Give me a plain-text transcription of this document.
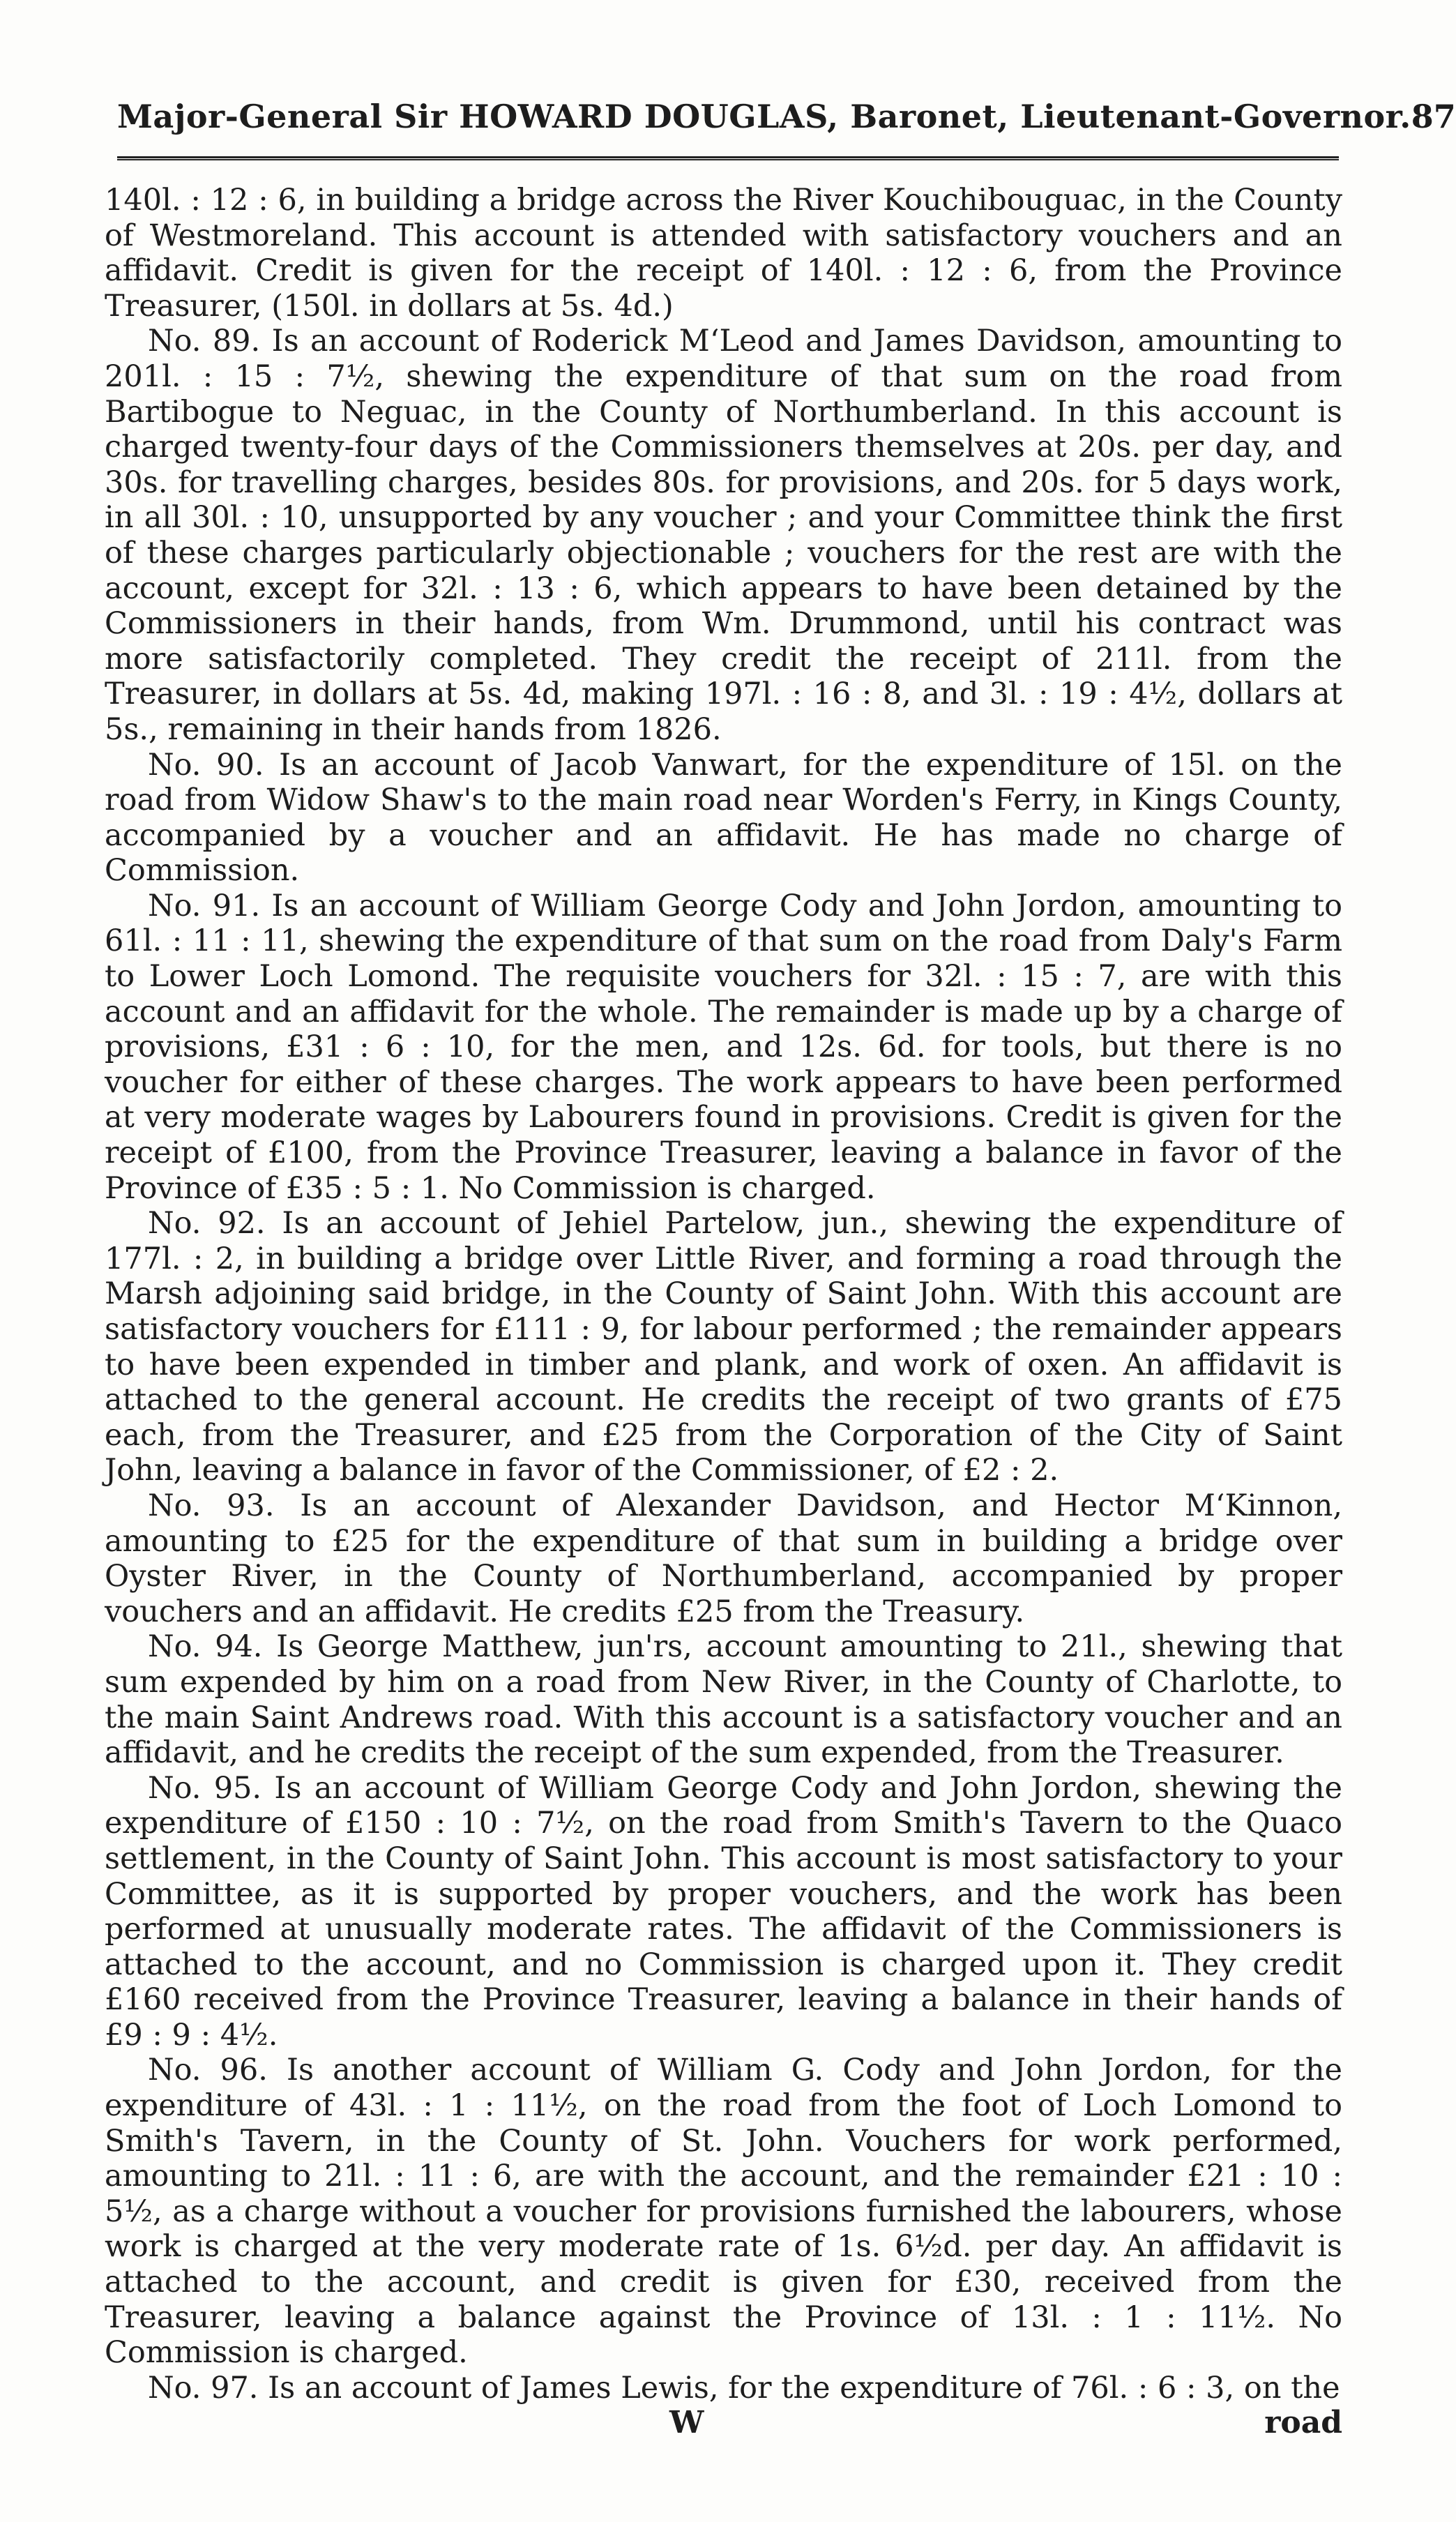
Major-General Sir HOWARD DOUGLAS, Baronet, Lieutenant-Governor. 87

140l. : 12 : 6, in building a bridge across the River Kouchibouguac, in the County of Westmoreland. This account is attended with satisfactory vouchers and an affidavit. Credit is given for the receipt of 140l. : 12 : 6, from the Province Treasurer, (150l. in dollars at 5s. 4d.)

No. 89. Is an account of Roderick M‘Leod and James Davidson, amounting to 201l. : 15 : 7½, shewing the expenditure of that sum on the road from Bartibogue to Neguac, in the County of Northumberland. In this account is charged twenty-four days of the Commissioners themselves at 20s. per day, and 30s. for travelling charges, besides 80s. for provisions, and 20s. for 5 days work, in all 30l. : 10, unsupported by any voucher ; and your Committee think the first of these charges particularly objectionable ; vouchers for the rest are with the account, except for 32l. : 13 : 6, which appears to have been detained by the Commissioners in their hands, from Wm. Drummond, until his contract was more satisfactorily completed. They credit the receipt of 211l. from the Treasurer, in dollars at 5s. 4d, making 197l. : 16 : 8, and 3l. : 19 : 4½, dollars at 5s., remaining in their hands from 1826.

No. 90. Is an account of Jacob Vanwart, for the expenditure of 15l. on the road from Widow Shaw's to the main road near Worden's Ferry, in Kings County, accompanied by a voucher and an affidavit. He has made no charge of Commission.

No. 91. Is an account of William George Cody and John Jordon, amounting to 61l. : 11 : 11, shewing the expenditure of that sum on the road from Daly's Farm to Lower Loch Lomond. The requisite vouchers for 32l. : 15 : 7, are with this account and an affidavit for the whole. The remainder is made up by a charge of provisions, £31 : 6 : 10, for the men, and 12s. 6d. for tools, but there is no voucher for either of these charges. The work appears to have been performed at very moderate wages by Labourers found in provisions. Credit is given for the receipt of £100, from the Province Treasurer, leaving a balance in favor of the Province of £35 : 5 : 1. No Commission is charged.

No. 92. Is an account of Jehiel Partelow, jun., shewing the expenditure of 177l. : 2, in building a bridge over Little River, and forming a road through the Marsh adjoining said bridge, in the County of Saint John. With this account are satisfactory vouchers for £111 : 9, for labour performed ; the remainder appears to have been expended in timber and plank, and work of oxen. An affidavit is attached to the general account. He credits the receipt of two grants of £75 each, from the Treasurer, and £25 from the Corporation of the City of Saint John, leaving a balance in favor of the Commissioner, of £2 : 2.

No. 93. Is an account of Alexander Davidson, and Hector M‘Kinnon, amounting to £25 for the expenditure of that sum in building a bridge over Oyster River, in the County of Northumberland, accompanied by proper vouchers and an affidavit. He credits £25 from the Treasury.

No. 94. Is George Matthew, jun'rs, account amounting to 21l., shewing that sum expended by him on a road from New River, in the County of Charlotte, to the main Saint Andrews road. With this account is a satisfactory voucher and an affidavit, and he credits the receipt of the sum expended, from the Treasurer.

No. 95. Is an account of William George Cody and John Jordon, shewing the expenditure of £150 : 10 : 7½, on the road from Smith's Tavern to the Quaco settlement, in the County of Saint John. This account is most satisfactory to your Committee, as it is supported by proper vouchers, and the work has been performed at unusually moderate rates. The affidavit of the Commissioners is attached to the account, and no Commission is charged upon it. They credit £160 received from the Province Treasurer, leaving a balance in their hands of £9 : 9 : 4½.

No. 96. Is another account of William G. Cody and John Jordon, for the expenditure of 43l. : 1 : 11½, on the road from the foot of Loch Lomond to Smith's Tavern, in the County of St. John. Vouchers for work performed, amounting to 21l. : 11 : 6, are with the account, and the remainder £21 : 10 : 5½, as a charge without a voucher for provisions furnished the labourers, whose work is charged at the very moderate rate of 1s. 6½d. per day. An affidavit is attached to the account, and credit is given for £30, received from the Treasurer, leaving a balance against the Province of 13l. : 1 : 11½. No Commission is charged.

No. 97. Is an account of James Lewis, for the expenditure of 76l. : 6 : 3, on the

W	road
